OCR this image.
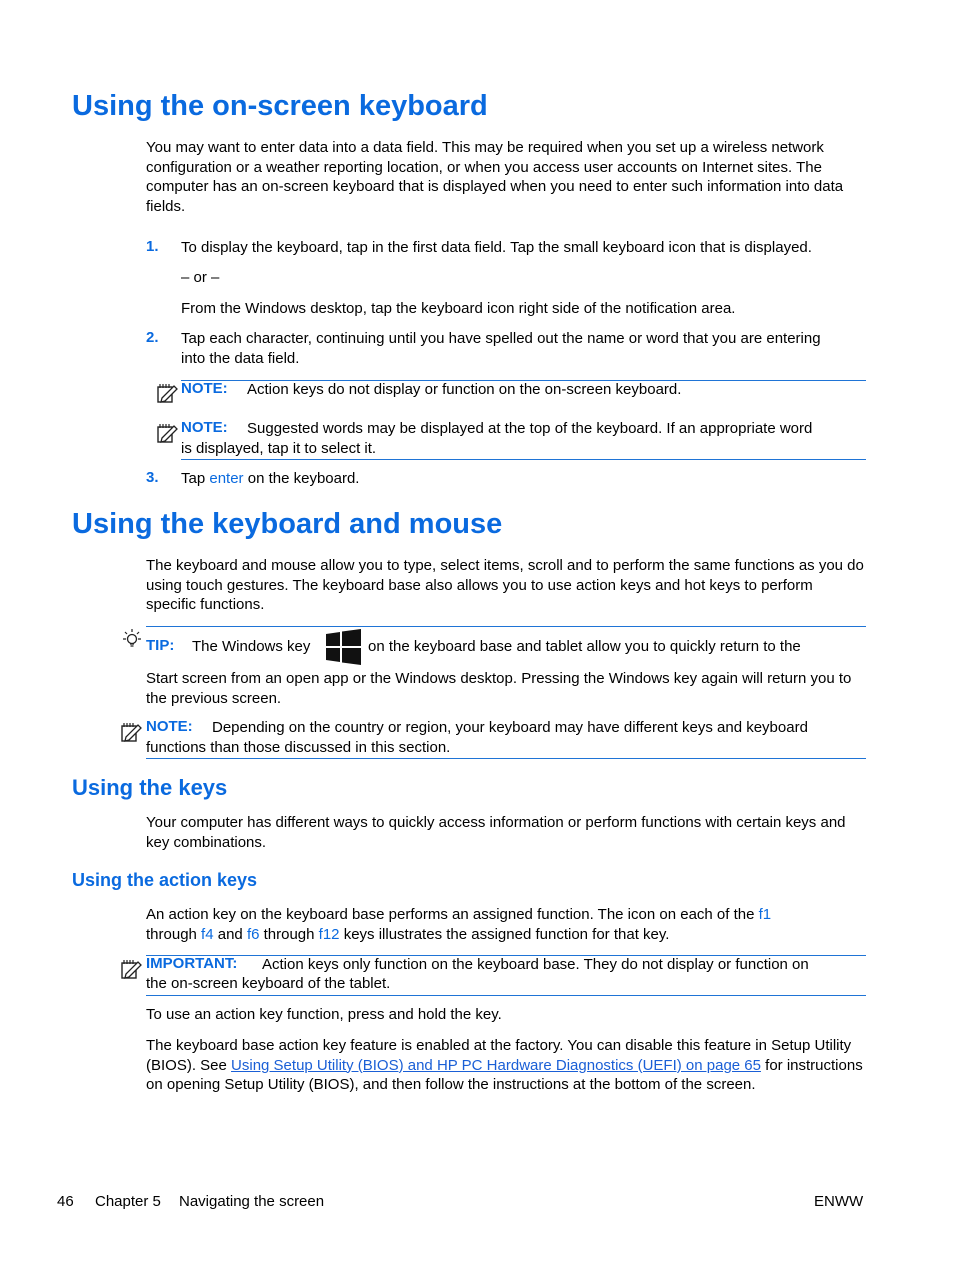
Using the on-screen keyboard

You may want to enter data into a data field. This may be required when you set up a wireless network configuration or a weather reporting location, or when you access user accounts on Internet sites. The computer has an on-screen keyboard that is displayed when you need to enter such information into data fields.

1. To display the keyboard, tap in the first data field. Tap the small keyboard icon that is displayed.

– or –

From the Windows desktop, tap the keyboard icon right side of the notification area.

2. Tap each character, continuing until you have spelled out the name or word that you are entering into the data field.

NOTE: Action keys do not display or function on the on-screen keyboard.
NOTE: Suggested words may be displayed at the top of the keyboard. If an appropriate word
is displayed, tap it to select it.
3. Tap enter on the keyboard.

Using the keyboard and mouse

The keyboard and mouse allow you to type, select items, scroll and to perform the same functions as you do using touch gestures. The keyboard base also allows you to use action keys and hot keys to perform specific functions.

TIP: The Windows key	on the keyboard base and tablet allow you to quickly return to the

Start screen from an open app or the Windows desktop. Pressing the Windows key again will return you to the previous screen.

NOTE: Depending on the country or region, your keyboard may have different keys and keyboard
functions than those discussed in this section.
Using the keys

Your computer has different ways to quickly access information or perform functions with certain keys and key combinations.

Using the action keys

An action key on the keyboard base performs an assigned function. The icon on each of the f1
through f4 and f6 through f12 keys illustrates the assigned function for that key.

IMPORTANT: Action keys only function on the keyboard base. They do not display or function on
the on-screen keyboard of the tablet.

To use an action key function, press and hold the key.

The keyboard base action key feature is enabled at the factory. You can disable this feature in Setup Utility (BIOS). See Using Setup Utility (BIOS) and HP PC Hardware Diagnostics (UEFI) on page 65 for instructions on opening Setup Utility (BIOS), and then follow the instructions at the bottom of the screen.

46 Chapter 5 Navigating the screen	ENWW
